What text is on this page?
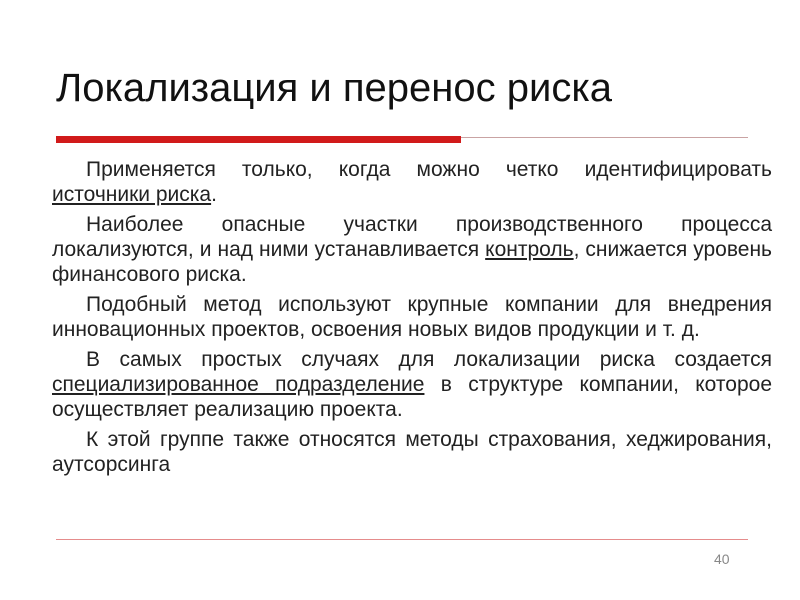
Локализация и перенос риска

Применяется только, когда можно четко идентифицировать источники риска.

Наиболее опасные участки производственного процесса локализуются, и над ними устанавливается контроль, снижается уровень финансового риска.

Подобный метод используют крупные компании для внедрения инновационных проектов, освоения новых видов продукции и т. д.

В самых простых случаях для локализации риска создается специализированное подразделение в структуре компании, которое осуществляет реализацию проекта.

К этой группе также относятся методы страхования, хеджирования, аутсорсинга

40
